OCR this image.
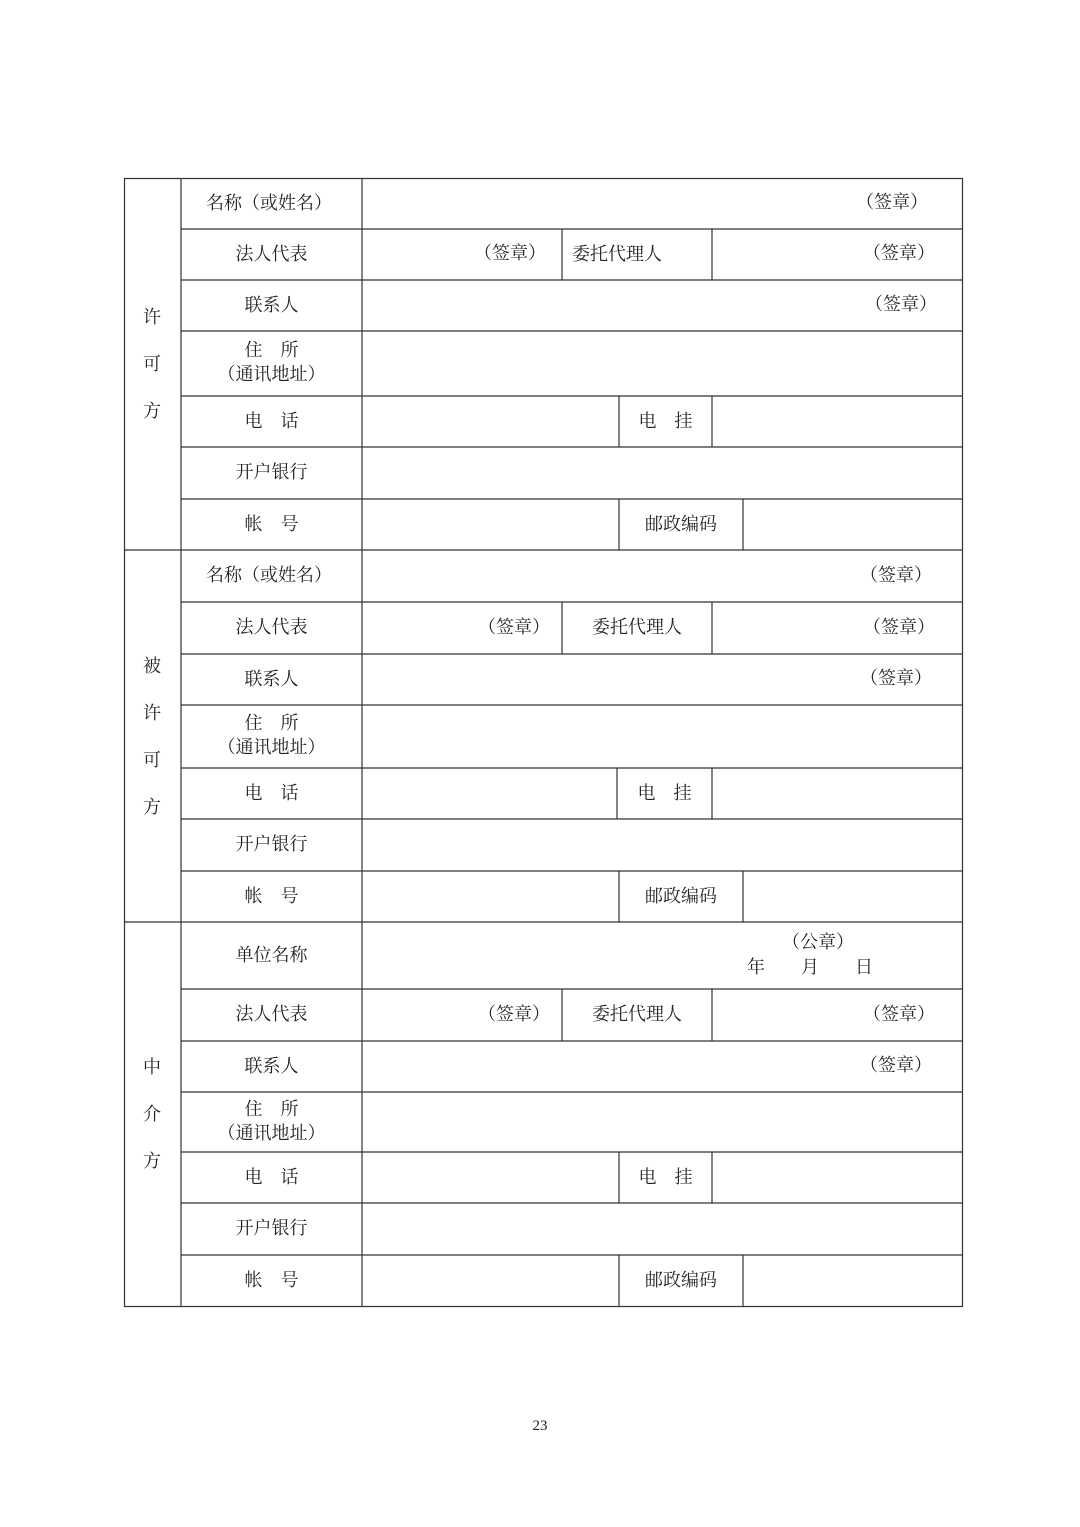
许
可
方
名称（或姓名）	（签章）
法人代表	（签章）	委托代理人	（签章）
联系人	（签章）
住　所
（通讯地址）
电　话	电　挂
开户银行
帐　号	邮政编码
被
许
可
方
名称（或姓名）	（签章）
法人代表	（签章）	委托代理人	（签章）
联系人	（签章）
住　所
（通讯地址）
电　话	电　挂
开户银行
帐　号	邮政编码
中
介
方
单位名称
（公章）
年　　月　　日
法人代表	（签章）	委托代理人	（签章）
联系人	（签章）
住　所
（通讯地址）
电　话	电　挂
开户银行
帐　号	邮政编码
23
